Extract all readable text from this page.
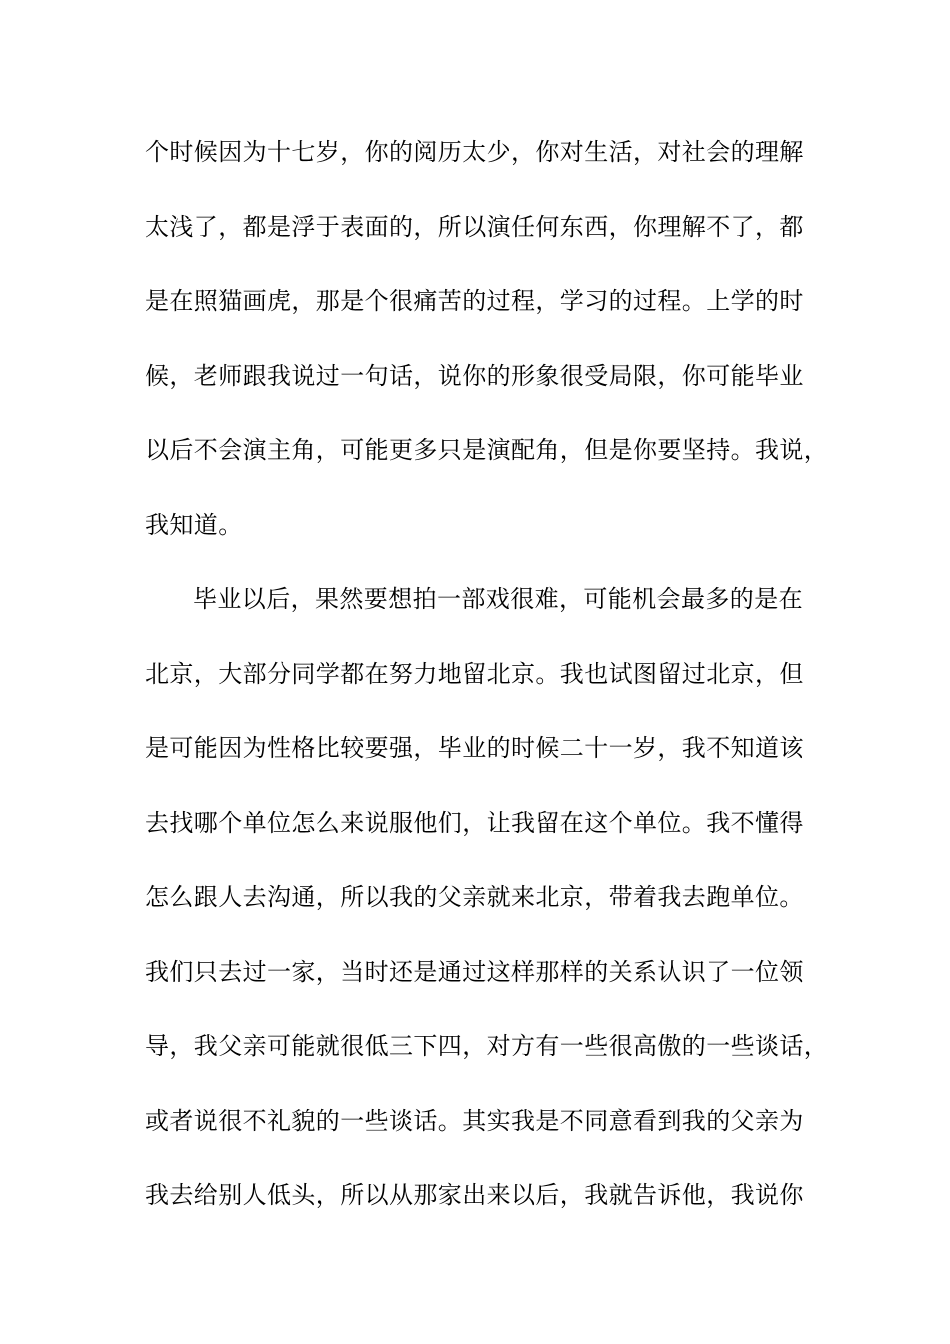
个时候因为十七岁，你的阅历太少，你对生活，对社会的理解
太浅了，都是浮于表面的，所以演任何东西，你理解不了，都
是在照猫画虎，那是个很痛苦的过程，学习的过程。上学的时
候，老师跟我说过一句话，说你的形象很受局限，你可能毕业
以后不会演主角，可能更多只是演配角，但是你要坚持。我说，
我知道。
毕业以后，果然要想拍一部戏很难，可能机会最多的是在
北京，大部分同学都在努力地留北京。我也试图留过北京，但
是可能因为性格比较要强，毕业的时候二十一岁，我不知道该
去找哪个单位怎么来说服他们，让我留在这个单位。我不懂得
怎么跟人去沟通，所以我的父亲就来北京，带着我去跑单位。
我们只去过一家，当时还是通过这样那样的关系认识了一位领
导，我父亲可能就很低三下四，对方有一些很高傲的一些谈话，
或者说很不礼貌的一些谈话。其实我是不同意看到我的父亲为
我去给别人低头，所以从那家出来以后，我就告诉他，我说你
